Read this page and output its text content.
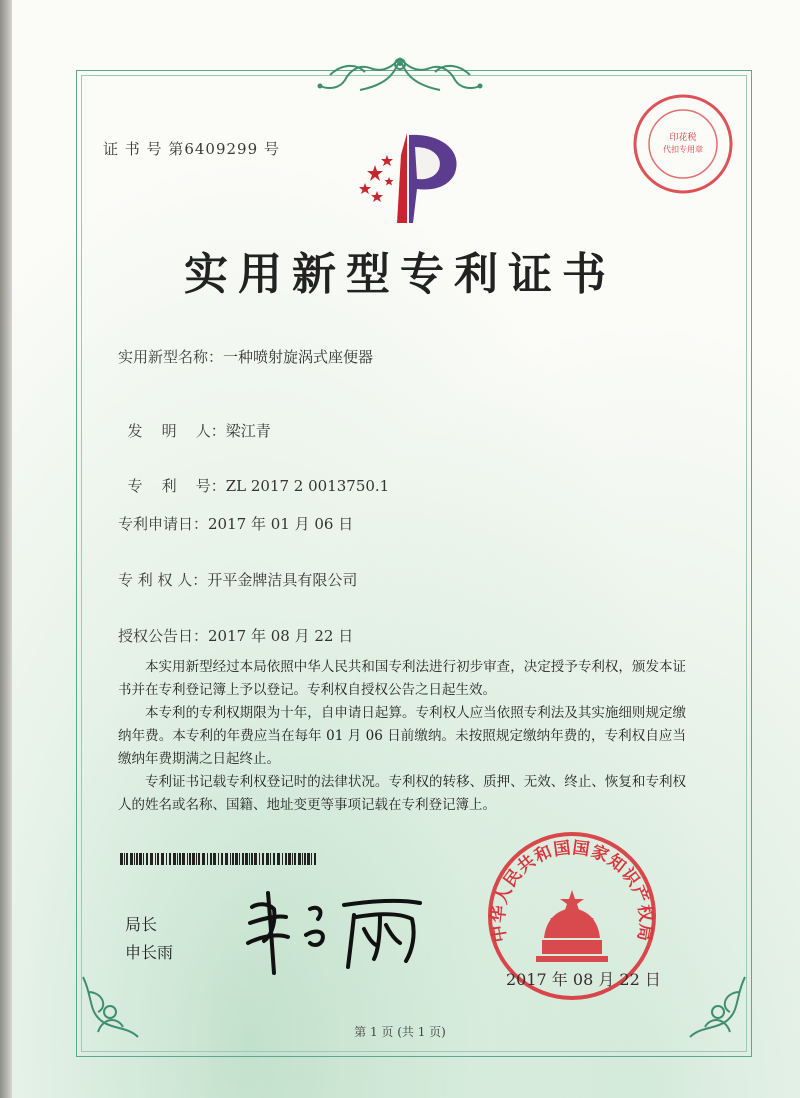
证 书 号 第6409299 号
印花税
代扣专用章
实用新型专利证书
实用新型名称：一种喷射旋涡式座便器

发    明    人：梁江青

专    利    号：ZL 2017 2 0013750.1

专利申请日：2017 年 01 月 06 日
专 利 权 人：开平金牌洁具有限公司
授权公告日：2017 年 08 月 22 日

本实用新型经过本局依照中华人民共和国专利法进行初步审查，决定授予专利权，颁发本证书并在专利登记簿上予以登记。专利权自授权公告之日起生效。

本专利的专利权期限为十年，自申请日起算。专利权人应当依照专利法及其实施细则规定缴纳年费。本专利的年费应当在每年 01 月 06 日前缴纳。未按照规定缴纳年费的，专利权自应当缴纳年费期满之日起终止。

专利证书记载专利权登记时的法律状况。专利权的转移、质押、无效、终止、恢复和专利权人的姓名或名称、国籍、地址变更等事项记载在专利登记簿上。

局长
申长雨
中华人民共和国国家知识产权局
2017 年 08 月 22 日
第 1 页 (共 1 页)
